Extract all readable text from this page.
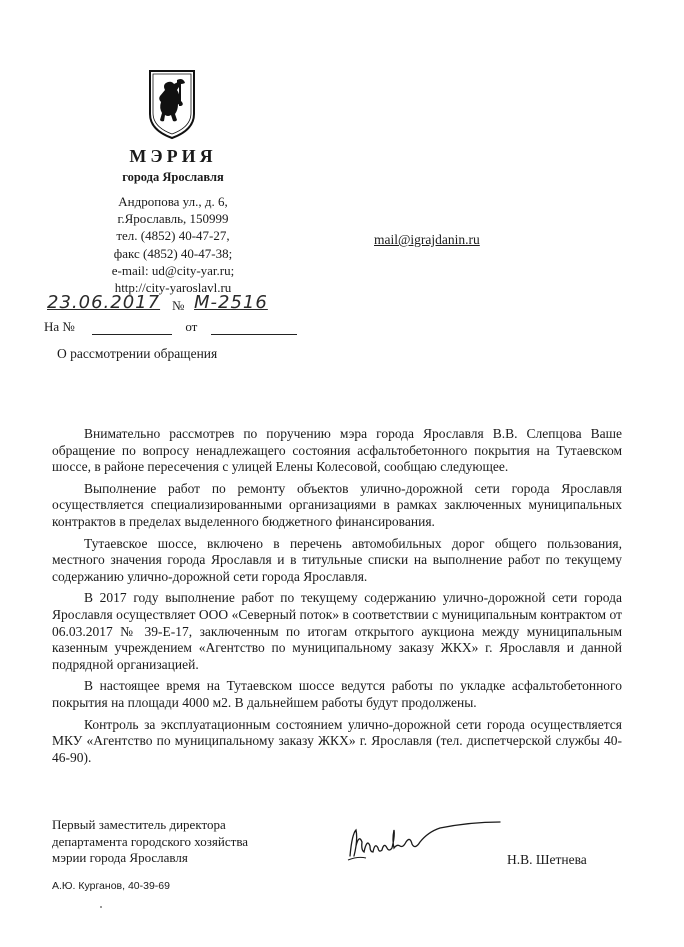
МЭРИЯ
города Ярославля
Андропова ул., д. 6,
г.Ярославль, 150999
тел. (4852) 40-47-27,
факс (4852) 40-47-38;
e-mail: ud@city-yar.ru;
http://city-yaroslavl.ru
mail@igrajdanin.ru
23.06.2017 № М-2516
На №	от
О рассмотрении обращения

Внимательно рассмотрев по поручению мэра города Ярославля В.В. Слепцова Ваше обращение по вопросу ненадлежащего состояния асфальтобетонного покрытия на Тутаевском шоссе, в районе пересечения с улицей Елены Колесовой, сообщаю следующее.

Выполнение работ по ремонту объектов улично-дорожной сети города Ярославля осуществляется специализированными организациями в рамках заключенных муниципальных контрактов в пределах выделенного бюджетного финансирования.

Тутаевское шоссе, включено в перечень автомобильных дорог общего пользования, местного значения города Ярославля и в титульные списки на выполнение работ по текущему содержанию улично-дорожной сети города Ярославля.

В 2017 году выполнение работ по текущему содержанию улично-дорожной сети города Ярославля осуществляет ООО «Северный поток» в соответствии с муниципальным контрактом от 06.03.2017 № 39-Е-17, заключенным по итогам открытого аукциона между муниципальным казенным учреждением «Агентство по муниципальному заказу ЖКХ» г. Ярославля и данной подрядной организацией.

В настоящее время на Тутаевском шоссе ведутся работы по укладке асфальтобетонного покрытия на площади 4000 м2. В дальнейшем работы будут продолжены.

Контроль за эксплуатационным состоянием улично-дорожной сети города осуществляется МКУ «Агентство по муниципальному заказу ЖКХ» г. Ярославля (тел. диспетчерской службы 40-46-90).

Первый заместитель директора
департамента городского хозяйства
мэрии города Ярославля	Н.В. Шетнева
А.Ю. Курганов, 40-39-69
